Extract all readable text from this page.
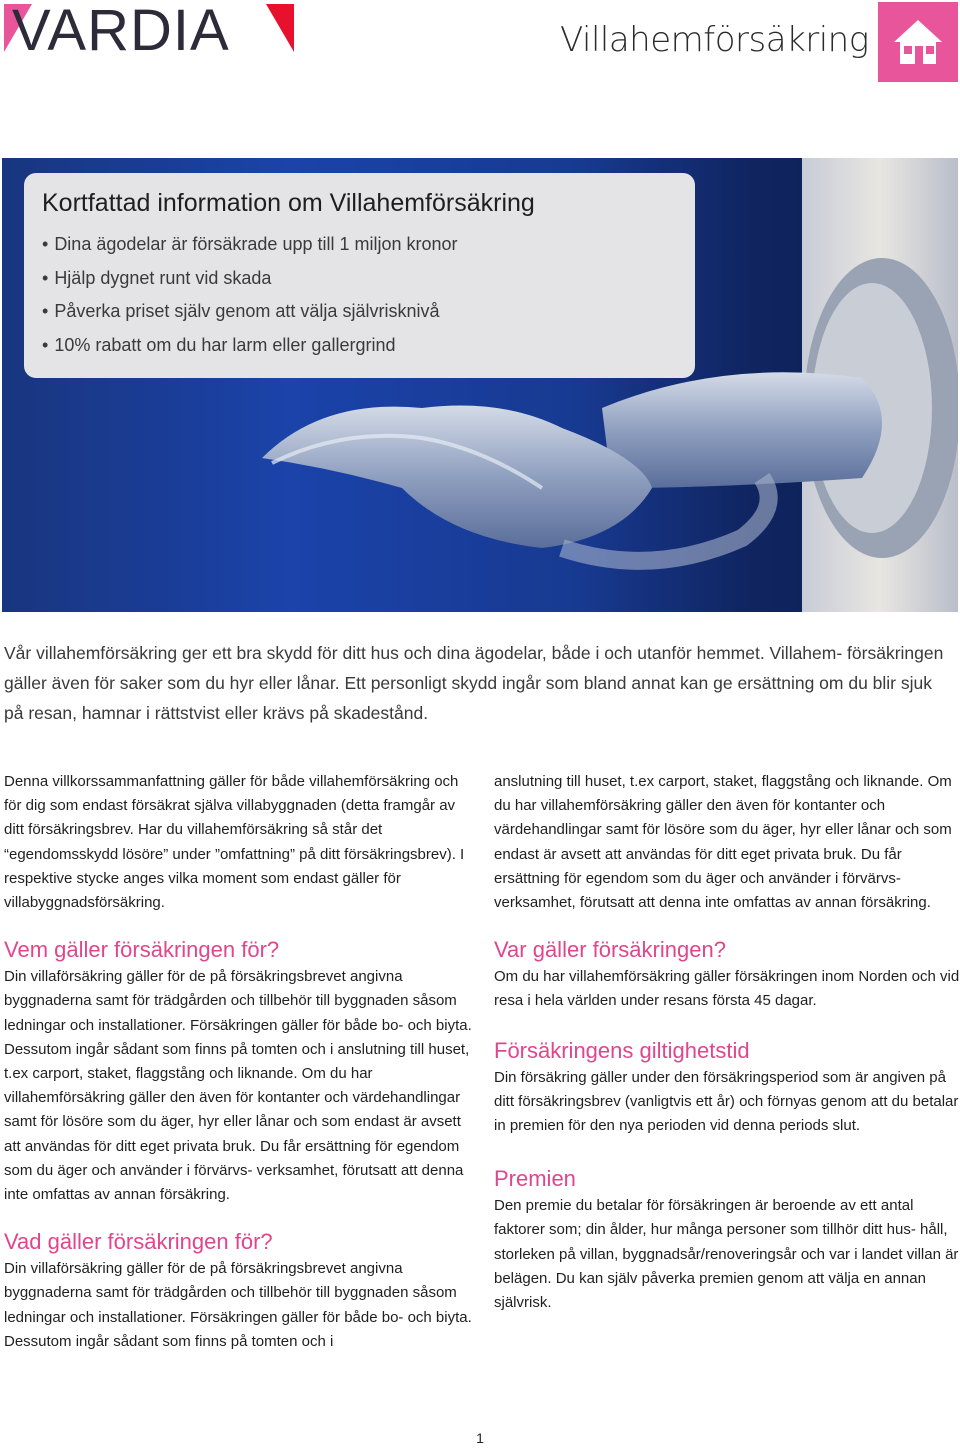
VARDIA	Villahemförsäkring
Kortfattad information om Villahemförsäkring
• Dina ägodelar är försäkrade upp till 1 miljon kronor
• Hjälp dygnet runt vid skada
• Påverka priset själv genom att välja självrisknivå
• 10% rabatt om du har larm eller gallergrind

Vår villahemförsäkring ger ett bra skydd för ditt hus och dina ägodelar, både i och utanför hemmet. Villahem- försäkringen gäller även för saker som du hyr eller lånar. Ett personligt skydd ingår som bland annat kan ge ersättning om du blir sjuk på resan, hamnar i rättstvist eller krävs på skadestånd.

Denna villkorssammanfattning gäller för både villahemförsäkring och för dig som endast försäkrat själva villabyggnaden (detta framgår av ditt försäkringsbrev. Har du villahemförsäkring så står det “egendomsskydd lösöre” under ”omfattning” på ditt försäkringsbrev). I respektive stycke anges vilka moment som endast gäller för villabyggnadsförsäkring.

Vem gäller försäkringen för?

Din villaförsäkring gäller för de på försäkringsbrevet angivna byggnaderna samt för trädgården och tillbehör till byggnaden såsom ledningar och installationer. Försäkringen gäller för både bo- och biyta. Dessutom ingår sådant som finns på tomten och i anslutning till huset, t.ex carport, staket, flaggstång och liknande. Om du har villahemförsäkring gäller den även för kontanter och värdehandlingar samt för lösöre som du äger, hyr eller lånar och som endast är avsett att användas för ditt eget privata bruk. Du får ersättning för egendom som du äger och använder i förvärvs- verksamhet, förutsatt att denna inte omfattas av annan försäkring.

Vad gäller försäkringen för?

Din villaförsäkring gäller för de på försäkringsbrevet angivna byggnaderna samt för trädgården och tillbehör till byggnaden såsom ledningar och installationer. Försäkringen gäller för både bo- och biyta. Dessutom ingår sådant som finns på tomten och i

anslutning till huset, t.ex carport, staket, flaggstång och liknande. Om du har villahemförsäkring gäller den även för kontanter och värdehandlingar samt för lösöre som du äger, hyr eller lånar och som endast är avsett att användas för ditt eget privata bruk. Du får ersättning för egendom som du äger och använder i förvärvs- verksamhet, förutsatt att denna inte omfattas av annan försäkring.

Var gäller försäkringen?

Om du har villahemförsäkring gäller försäkringen inom Norden och vid resa i hela världen under resans första 45 dagar.

Försäkringens giltighetstid

Din försäkring gäller under den försäkringsperiod som är angiven på ditt försäkringsbrev (vanligtvis ett år) och förnyas genom att du betalar in premien för den nya perioden vid denna periods slut.

Premien

Den premie du betalar för försäkringen är beroende av ett antal faktorer som; din ålder, hur många personer som tillhör ditt hus- håll, storleken på villan, byggnadsår/renoveringsår och var i landet villan är belägen. Du kan själv påverka premien genom att välja en annan självrisk.

1
